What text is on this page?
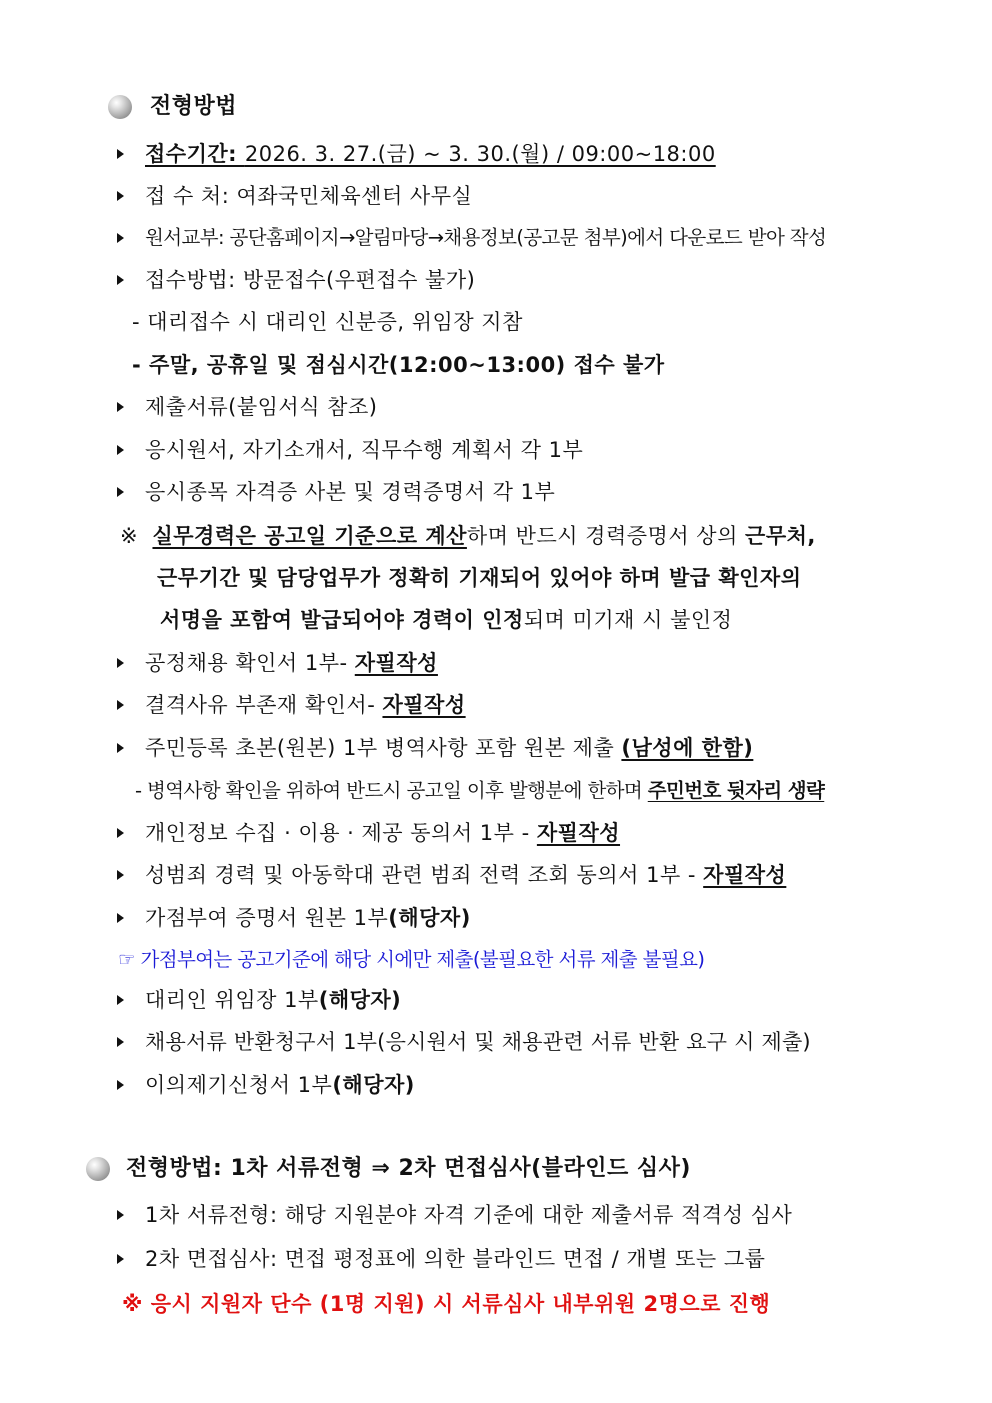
전형방법
접수기간: 2026. 3. 27.(금) ~ 3. 30.(월) / 09:00~18:00
접 수 처: 여좌국민체육센터 사무실
원서교부: 공단홈페이지→알림마당→채용정보(공고문 첨부)에서 다운로드 받아 작성
접수방법: 방문접수(우편접수 불가)
- 대리접수 시 대리인 신분증, 위임장 지참
- 주말, 공휴일 및 점심시간(12:00~13:00) 접수 불가
제출서류(붙임서식 참조)
응시원서, 자기소개서, 직무수행 계획서 각 1부
응시종목 자격증 사본 및 경력증명서 각 1부
※ 실무경력은 공고일 기준으로 계산하며 반드시 경력증명서 상의 근무처,
근무기간 및 담당업무가 정확히 기재되어 있어야 하며 발급 확인자의
서명을 포함여 발급되어야 경력이 인정되며 미기재 시 불인정
공정채용 확인서 1부- 자필작성
결격사유 부존재 확인서- 자필작성
주민등록 초본(원본) 1부 병역사항 포함 원본 제출 (남성에 한함)
- 병역사항 확인을 위하여 반드시 공고일 이후 발행분에 한하며 주민번호 뒷자리 생략
개인정보 수집 · 이용 · 제공 동의서 1부 - 자필작성
성범죄 경력 및 아동학대 관련 범죄 전력 조회 동의서 1부 - 자필작성
가점부여 증명서 원본 1부(해당자)
☞ 가점부여는 공고기준에 해당 시에만 제출(불필요한 서류 제출 불필요)
대리인 위임장 1부(해당자)
채용서류 반환청구서 1부(응시원서 및 채용관련 서류 반환 요구 시 제출)
이의제기신청서 1부(해당자)
전형방법: 1차 서류전형 ⇒ 2차 면접심사(블라인드 심사)
1차 서류전형: 해당 지원분야 자격 기준에 대한 제출서류 적격성 심사
2차 면접심사: 면접 평정표에 의한 블라인드 면접 / 개별 또는 그룹
※ 응시 지원자 단수 (1명 지원) 시 서류심사 내부위원 2명으로 진행
